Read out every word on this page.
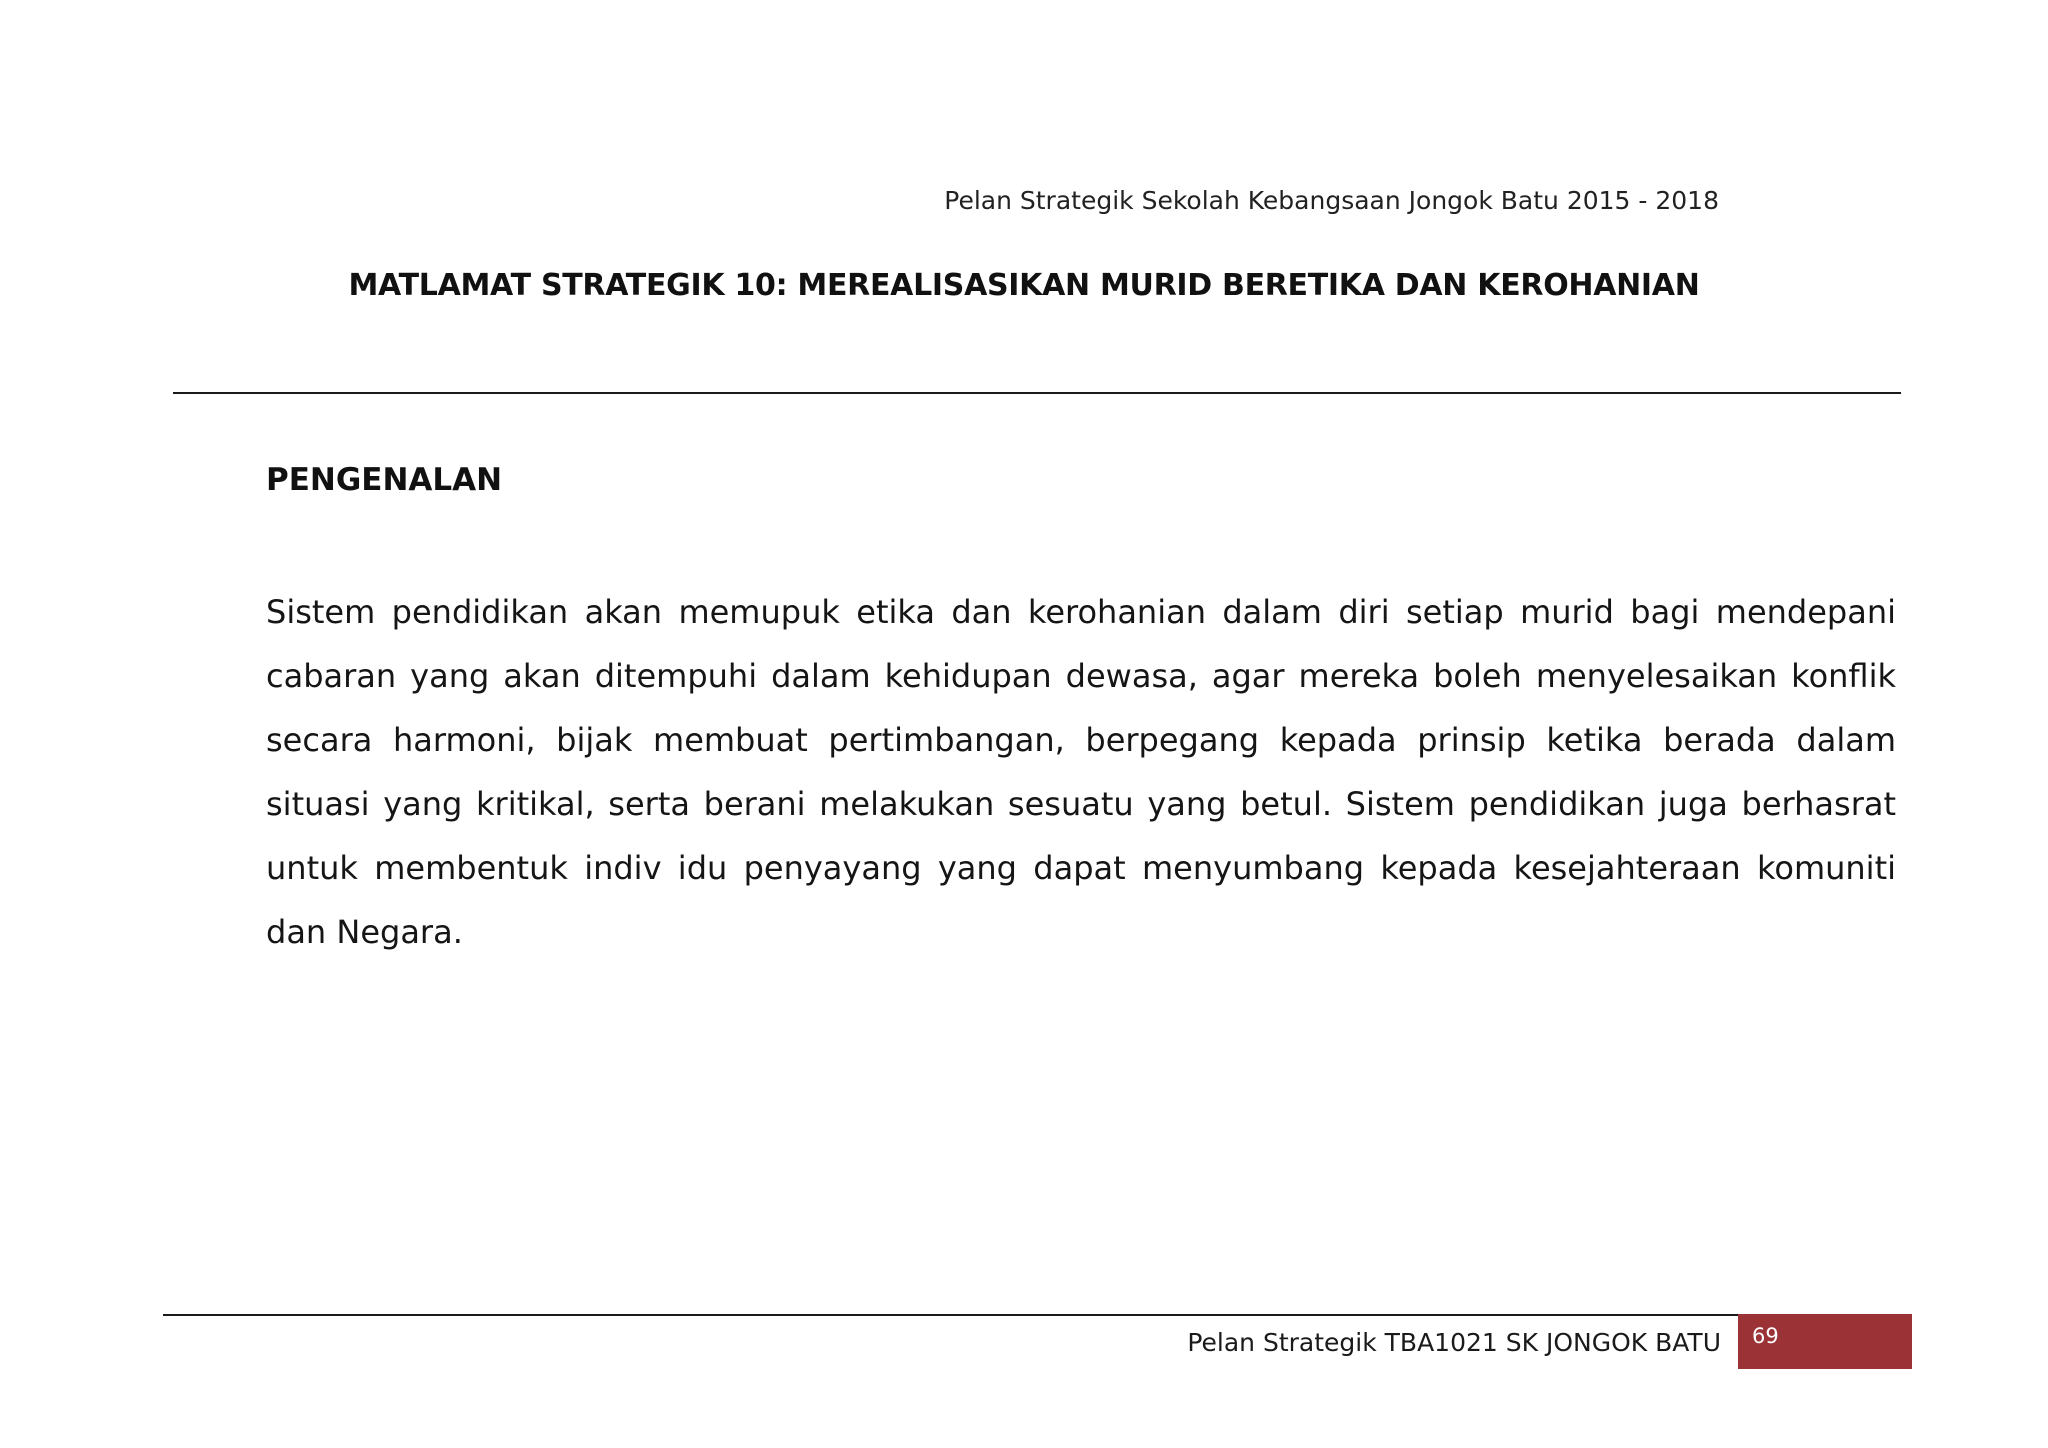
Pelan Strategik Sekolah Kebangsaan Jongok Batu 2015 - 2018
MATLAMAT STRATEGIK 10: MEREALISASIKAN MURID BERETIKA DAN KEROHANIAN
PENGENALAN

Sistem pendidikan akan memupuk etika dan kerohanian dalam diri setiap murid bagi mendepani cabaran yang akan ditempuhi dalam kehidupan dewasa, agar mereka boleh menyelesaikan konflik secara harmoni, bijak membuat pertimbangan, berpegang kepada prinsip ketika berada dalam situasi yang kritikal, serta berani melakukan sesuatu yang betul. Sistem pendidikan juga berhasrat untuk membentuk indiv idu penyayang yang dapat menyumbang kepada kesejahteraan komuniti dan Negara.

Pelan Strategik TBA1021 SK JONGOK BATU 69
